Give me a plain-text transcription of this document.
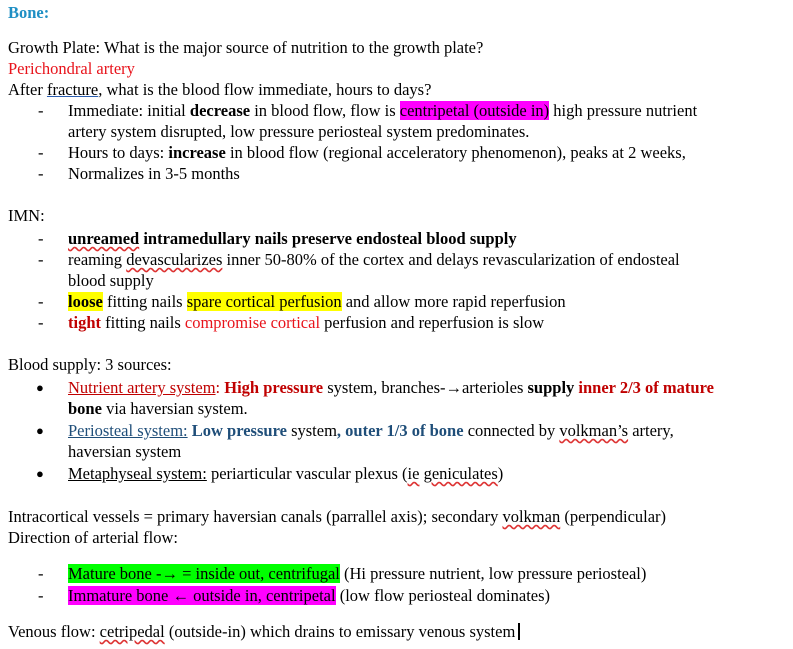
Bone:
Growth Plate: What is the major source of nutrition to the growth plate?
Perichondral artery
After fracture, what is the blood flow immediate, hours to days?
- Immediate: initial decrease in blood flow, flow is centripetal (outside in) high pressure nutrient
artery system disrupted, low pressure periosteal system predominates.
- Hours to days: increase in blood flow (regional acceleratory phenomenon), peaks at 2 weeks,
- Normalizes in 3-5 months
IMN:
- unreamed intramedullary nails preserve endosteal blood supply
- reaming devascularizes inner 50-80% of the cortex and delays revascularization of endosteal
blood supply
- loose fitting nails spare cortical perfusion and allow more rapid reperfusion
- tight fitting nails compromise cortical perfusion and reperfusion is slow
Blood supply: 3 sources:
● Nutrient artery system: High pressure system, branches-→arterioles supply inner 2/3 of mature
bone via haversian system.
● Periosteal system: Low pressure system, outer 1/3 of bone connected by volkman’s artery,
haversian system
● Metaphyseal system: periarticular vascular plexus (ie geniculates)
Intracortical vessels = primary haversian canals (parrallel axis); secondary volkman (perpendicular)
Direction of arterial flow:
- Mature bone -→ = inside out, centrifugal (Hi pressure nutrient, low pressure periosteal)
- Immature bone ← outside in, centripetal (low flow periosteal dominates)
Venous flow: cetripedal (outside-in) which drains to emissary venous system
